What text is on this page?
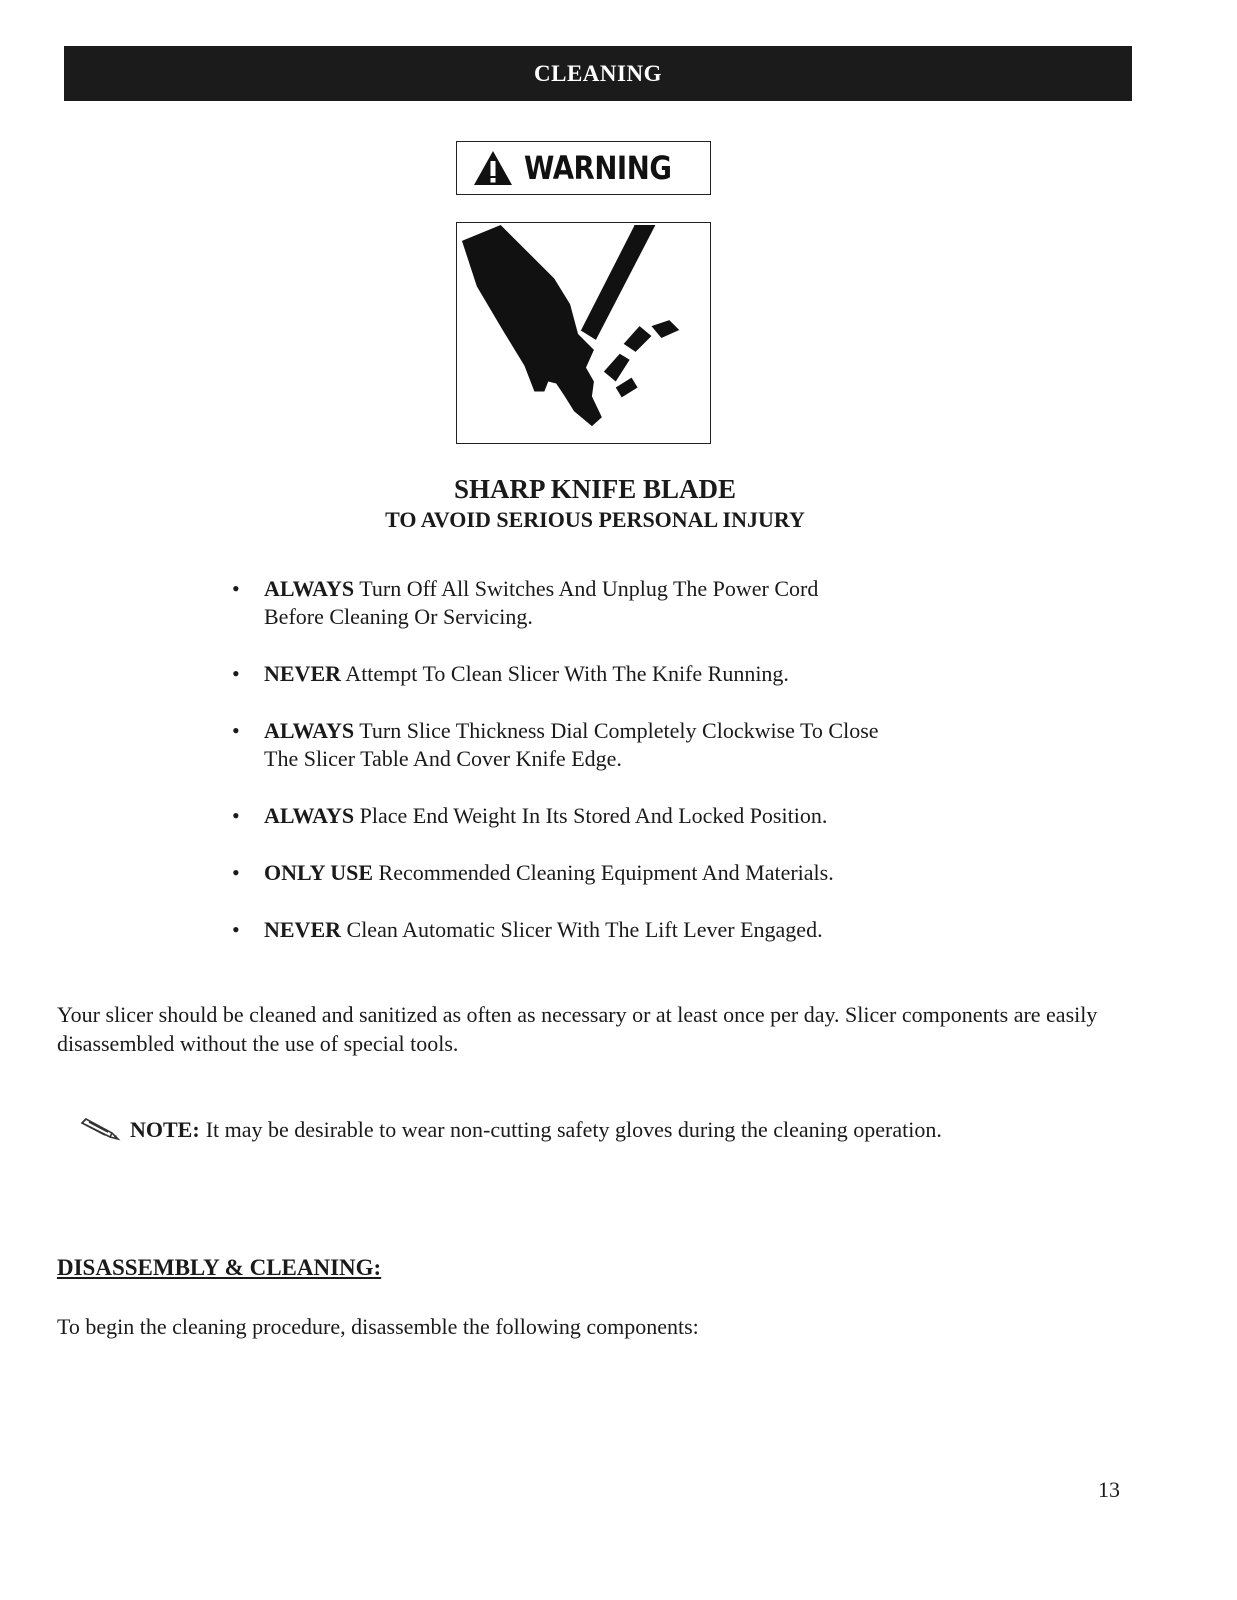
CLEANING
WARNING
SHARP KNIFE BLADE
TO AVOID SERIOUS PERSONAL INJURY
• ALWAYS Turn Off All Switches And Unplug The Power Cord
Before Cleaning Or Servicing.
• NEVER Attempt To Clean Slicer With The Knife Running.
• ALWAYS Turn Slice Thickness Dial Completely Clockwise To Close
The Slicer Table And Cover Knife Edge.
• ALWAYS Place End Weight In Its Stored And Locked Position.
• ONLY USE Recommended Cleaning Equipment And Materials.
• NEVER Clean Automatic Slicer With The Lift Lever Engaged.

Your slicer should be cleaned and sanitized as often as necessary or at least once per day. Slicer components are easily disassembled without the use of special tools.

NOTE: It may be desirable to wear non-cutting safety gloves during the cleaning operation.
DISASSEMBLY & CLEANING:

To begin the cleaning procedure, disassemble the following components:

13
